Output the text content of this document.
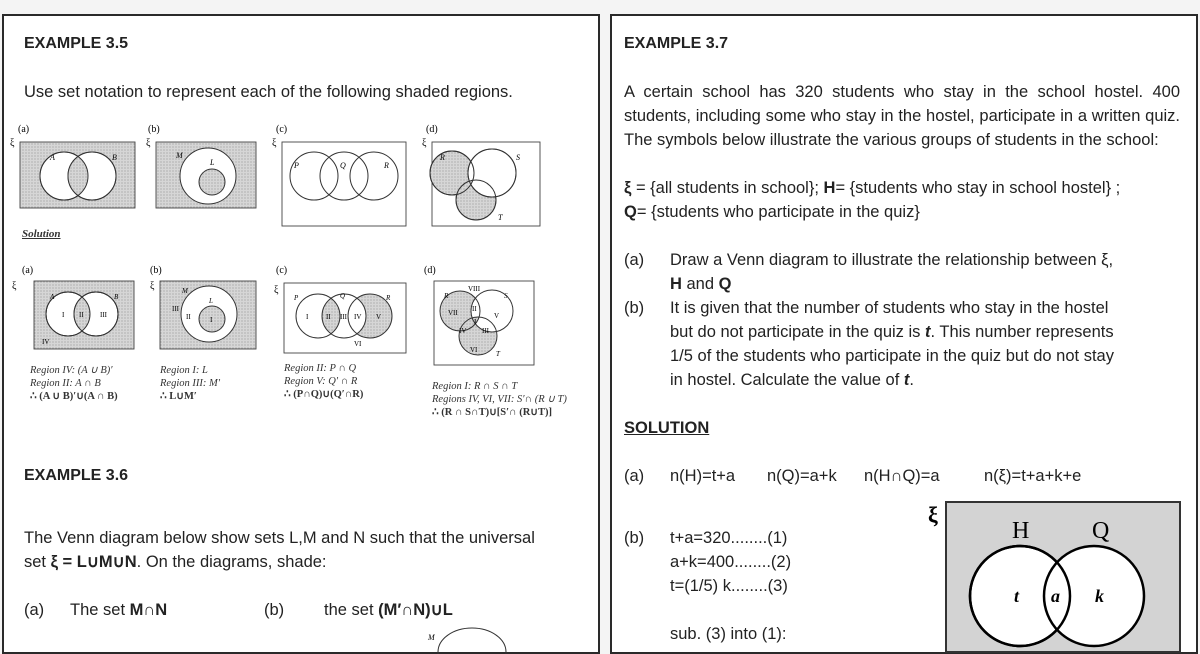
EXAMPLE 3.5
Use set notation to represent each of the following shaded regions.
(a)
ξ
A	B
(b)
ξ
M
L
(c)
ξ
P	Q	R
(d)
ξ
R	S
T
(a)
ξ
A	B
I II III
IV
(b)
ξ	M
L
III
II	I
(c)
ξ
P	Q	R
I	II III IV V
VI
(d)
R	S
T
VIII
VII II
V
I
IV III
VI
Solution
Region IV: (A ∪ B)′
Region II: A ∩ B
∴ (A ∪ B)′∪(A ∩ B)
Region I: L
Region III: M′
∴ L∪M′
Region II: P ∩ Q
Region V: Q′ ∩ R
∴ (P∩Q)∪(Q′∩R)
Region I: R ∩ S ∩ T
Regions IV, VI, VII: S′∩ (R ∪ T)
∴ (R ∩ S∩T)∪[S′∩ (R∪T)]
EXAMPLE 3.6
The Venn diagram below show sets L,M and N such that the universal
set ξ = L∪M∪N. On the diagrams, shade:
(a) The set M∩N	(b) the set (M′∩N)∪L
M
EXAMPLE 3.7
A certain school has 320 students who stay in the school hostel. 400 students, including some who stay in the hostel, participate in a written quiz. The symbols below illustrate the various groups of students in the school:
ξ = {all students in school}; H= {students who stay in school hostel} ;
Q= {students who participate in the quiz}
(a) Draw a Venn diagram to illustrate the relationship between ξ,
H and Q
(b) It is given that the number of students who stay in the hostel
but do not participate in the quiz is t. This number represents
1/5 of the students who participate in the quiz but do not stay
in hostel. Calculate the value of t.
SOLUTION
(a) n(H)=t+a n(Q)=a+k n(H∩Q)=a	n(ξ)=t+a+k+e
(b) t+a=320........(1)
a+k=400........(2)
t=(1/5) k........(3)
sub. (3) into (1):
ξ
H	Q
t a k
